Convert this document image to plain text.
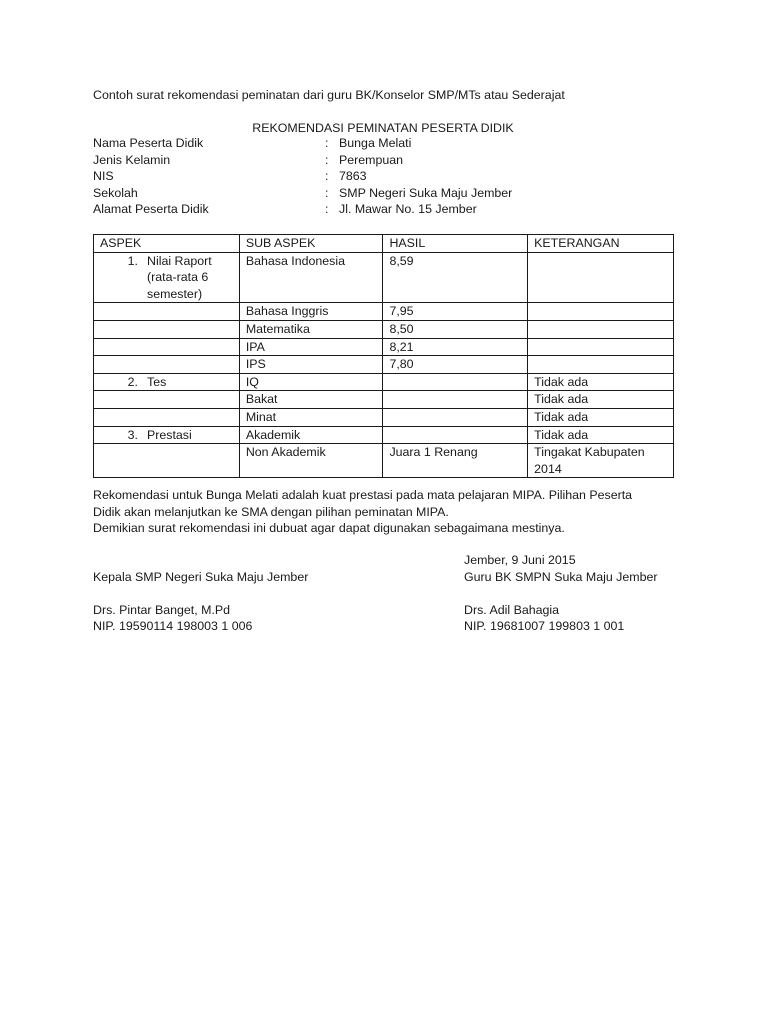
Contoh surat rekomendasi peminatan dari guru BK/Konselor SMP/MTs atau Sederajat
REKOMENDASI PEMINATAN PESERTA DIDIK
Nama Peserta Didik	: Bunga Melati
Jenis Kelamin	: Perempuan
NIS	: 7863
Sekolah	: SMP Negeri Suka Maju Jember
Alamat Peserta Didik	: Jl. Mawar No. 15 Jember
ASPEK	SUB ASPEK	HASIL	KETERANGAN

1. Nilai Raport (rata-rata 6 semester)	Bahasa Indonesia	8,59	
	Bahasa Inggris	7,95	
	Matematika	8,50	
	IPA	8,21	
	IPS	7,80	

2. Tes	IQ		Tidak ada
	Bakat		Tidak ada
	Minat		Tidak ada

3. Prestasi	Akademik		Tidak ada
	Non Akademik	Juara 1 Renang	Tingakat Kabupaten 2014
Rekomendasi untuk Bunga Melati adalah kuat prestasi pada mata pelajaran MIPA. Pilihan Peserta
Didik akan melanjutkan ke SMA dengan pilihan peminatan MIPA.
Demikian surat rekomendasi ini dubuat agar dapat digunakan sebagaimana mestinya.
Kepala SMP Negeri Suka Maju Jember
Drs. Pintar Banget, M.Pd
NIP. 19590114 198003 1 006
Jember, 9 Juni 2015
Guru BK SMPN Suka Maju Jember
Drs. Adil Bahagia
NIP. 19681007 199803 1 001
